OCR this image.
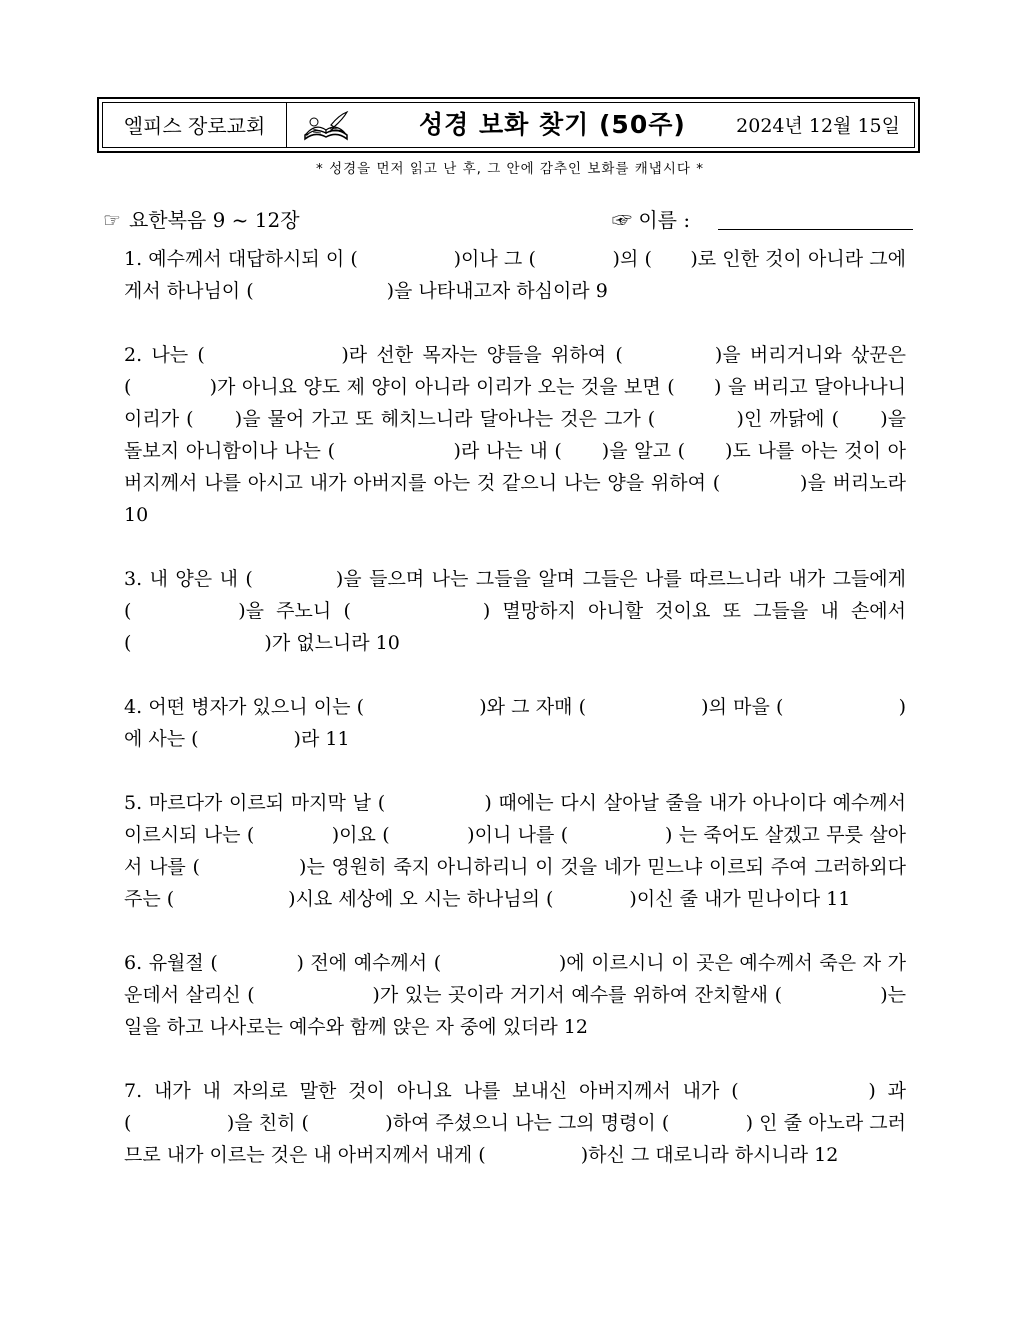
엘피스 장로교회	성경 보화 찾기 (50주)	2024년 12월 15일
* 성경을 먼저 읽고 난 후, 그 안에 감추인 보화를 캐냅시다 *
☞ 요한복음 9 ~ 12장	☞ 이름 :

1. 예수께서 대답하시되 이 (　　　　　)이나 그 (　　　　)의 (　　)로 인한 것이 아니라 그에게서 하나님이 (　　　　　　　)을 나타내고자 하심이라 9

2. 나는 (　　　　　　)라 선한 목자는 양들을 위하여 (　　　　)을 버리거니와 삯꾼은 (　　　　)가 아니요 양도 제 양이 아니라 이리가 오는 것을 보면 (　　) 을 버리고 달아나나니 이리가 (　　)을 물어 가고 또 헤치느니라 달아나는 것은 그가 (　　　　)인 까닭에 (　　)을 돌보지 아니함이나 나는 (　　　　　　)라 나는 내 (　　)을 알고 (　　)도 나를 아는 것이 아버지께서 나를 아시고 내가 아버지를 아는 것 같으니 나는 양을 위하여 (　　　　)을 버리노라 10

3. 내 양은 내 (　　　　)을 들으며 나는 그들을 알며 그들은 나를 따르느니라 내가 그들에게 (　　　　)을 주노니 (　　　　　) 멸망하지 아니할 것이요 또 그들을 내 손에서 (　　　　　　　)가 없느니라 10

4. 어떤 병자가 있으니 이는 (　　　　　　)와 그 자매 (　　　　　　)의 마을 (　　　　　　)에 사는 (　　　　　)라 11

5. 마르다가 이르되 마지막 날 (　　　　　) 때에는 다시 살아날 줄을 내가 아나이다 예수께서 이르시되 나는 (　　　　)이요 (　　　　)이니 나를 (　　　　　) 는 죽어도 살겠고 무릇 살아서 나를 (　　　　　)는 영원히 죽지 아니하리니 이 것을 네가 믿느냐 이르되 주여 그러하외다 주는 (　　　　　　)시요 세상에 오 시는 하나님의 (　　　　)이신 줄 내가 믿나이다 11

6. 유월절 (　　　　) 전에 예수께서 (　　　　　　)에 이르시니 이 곳은 예수께서 죽은 자 가운데서 살리신 (　　　　　　)가 있는 곳이라 거기서 예수를 위하여 잔치할새 (　　　　　)는 일을 하고 나사로는 예수와 함께 앉은 자 중에 있더라 12

7. 내가 내 자의로 말한 것이 아니요 나를 보내신 아버지께서 내가 (　　　　　) 과 (　　　　　)을 친히 (　　　　)하여 주셨으니 나는 그의 명령이 (　　　　) 인 줄 아노라 그러므로 내가 이르는 것은 내 아버지께서 내게 (　　　　　)하신 그 대로니라 하시니라 12
